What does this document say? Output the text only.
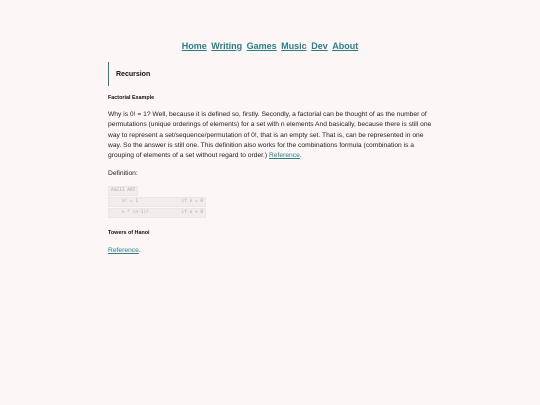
Home Writing Games Music Dev About
Recursion
Factorial Example

Why is 0! = 1? Well, because it is defined so, firstly. Secondly, a factorial can be thought of as the number of permutations (unique orderings of elements) for a set with n elements And basically, because there is still one way to represent a set/sequence/permutation of 0!, that is an empty set. That is, can be represented in one way. So the answer is still one. This definition also works for the combinations formula (combination is a grouping of elements of a set without regard to order.) Reference.

Definition:

ASCII ART
n! = 1                if n = 0
n * (n-1)!            if n > 0
Towers of Hanoi

Reference.
